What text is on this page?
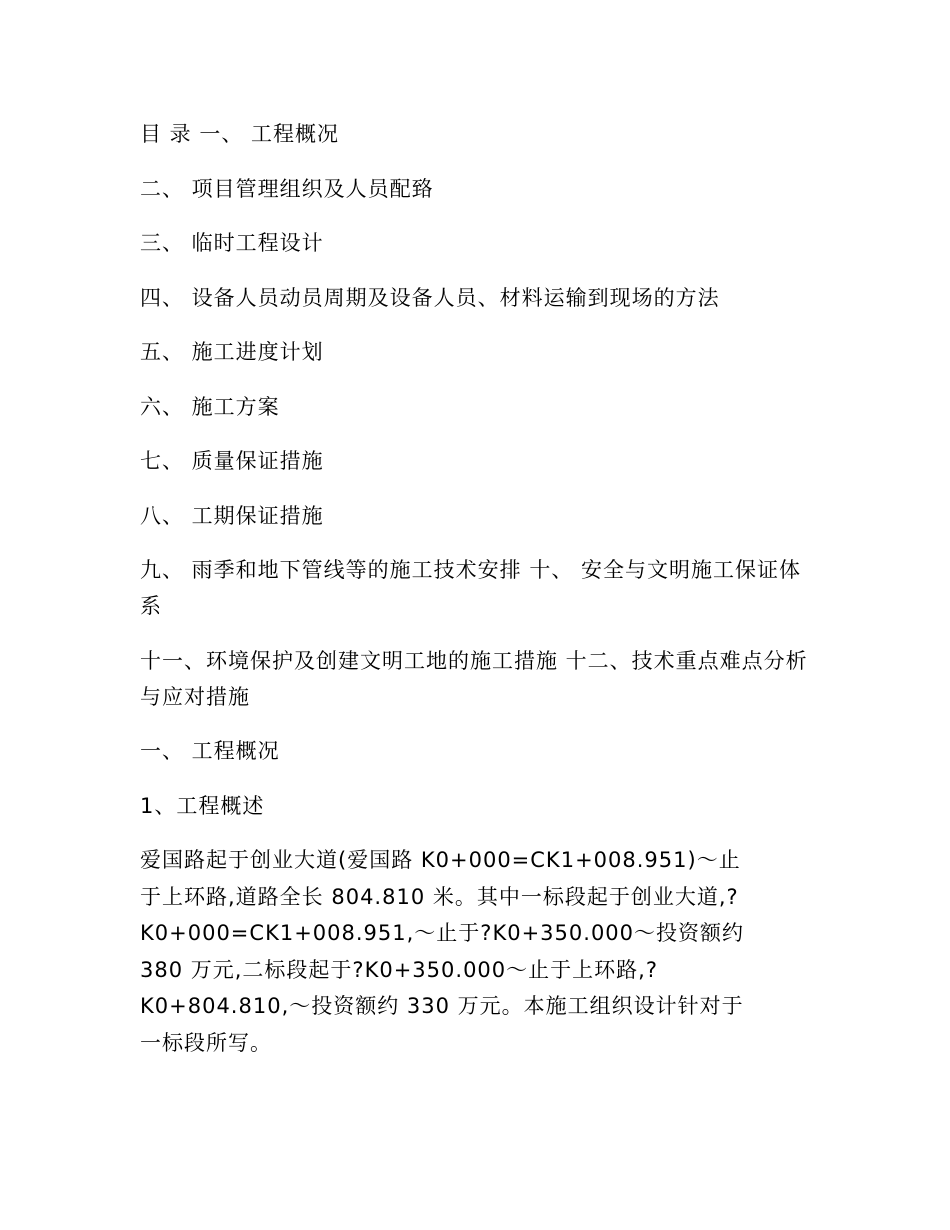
目 录 一、 工程概况
二、 项目管理组织及人员配臵
三、 临时工程设计
四、 设备人员动员周期及设备人员、材料运输到现场的方法
五、 施工进度计划
六、 施工方案
七、 质量保证措施
八、 工期保证措施
九、 雨季和地下管线等的施工技术安排 十、 安全与文明施工保证体系
十一、环境保护及创建文明工地的施工措施 十二、技术重点难点分析与应对措施
一、 工程概况
1、工程概述
爱国路起于创业大道(爱国路 K0+000=CK1+008.951)～止
于上环路,道路全长 804.810 米。其中一标段起于创业大道,?
K0+000=CK1+008.951,～止于?K0+350.000～投资额约
380 万元,二标段起于?K0+350.000～止于上环路,?
K0+804.810,～投资额约 330 万元。本施工组织设计针对于
一标段所写。
